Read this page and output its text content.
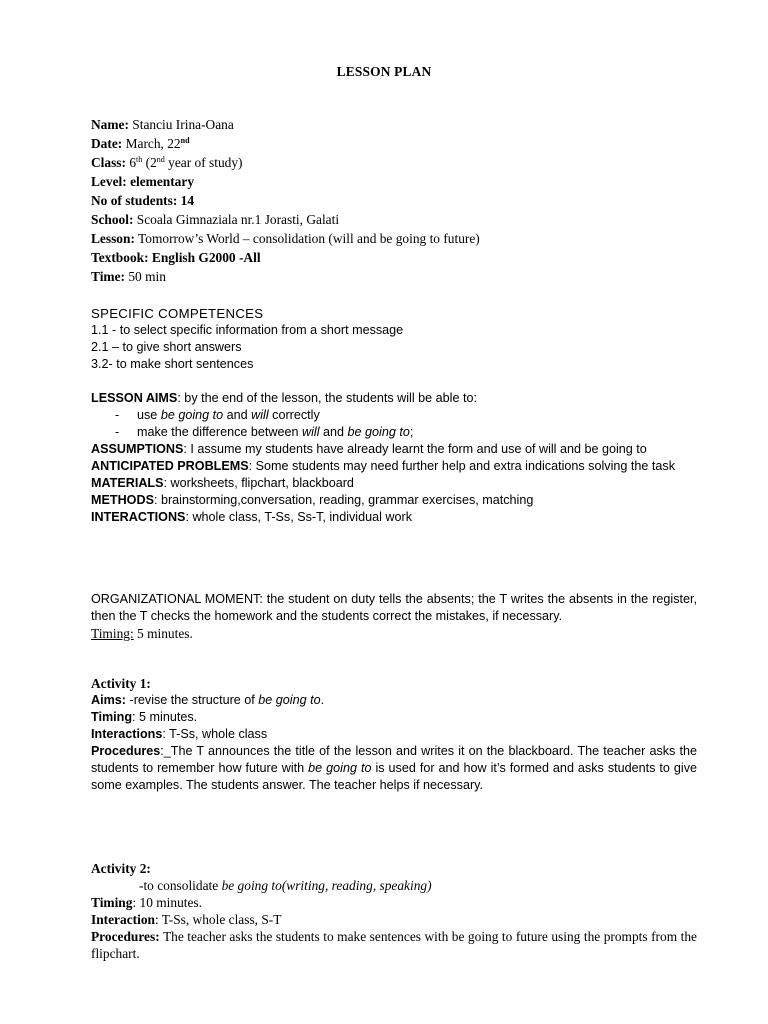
LESSON PLAN
Name: Stanciu Irina-Oana
Date: March, 22nd
Class: 6th (2nd year of study)
Level: elementary
No of students: 14
School: Scoala Gimnaziala nr.1 Jorasti, Galati
Lesson: Tomorrow’s World – consolidation (will and be going to future)
Textbook: English G2000 -All
Time: 50 min
SPECIFIC COMPETENCES
1.1 - to select specific information from a short message
2.1 – to give short answers
3.2- to make short sentences
LESSON AIMS: by the end of the lesson, the students will be able to:
- use be going to and will correctly
- make the difference between will and be going to;
ASSUMPTIONS: I assume my students have already learnt the form and use of will and be going to
ANTICIPATED PROBLEMS: Some students may need further help and extra indications solving the task
MATERIALS: worksheets, flipchart, blackboard
METHODS: brainstorming,conversation, reading, grammar exercises, matching
INTERACTIONS: whole class, T-Ss, Ss-T, individual work
ORGANIZATIONAL MOMENT: the student on duty tells the absents; the T writes the absents in the register, then the T checks the homework and the students correct the mistakes, if necessary.
Timing: 5 minutes.
Activity 1:
Aims: -revise the structure of be going to.
Timing: 5 minutes.
Interactions: T-Ss, whole class
Procedures:_The T announces the title of the lesson and writes it on the blackboard. The teacher asks the students to remember how future with be going to is used for and how it’s formed and asks students to give some examples. The students answer. The teacher helps if necessary.
Activity 2:
-to consolidate be going to(writing, reading, speaking)
Timing: 10 minutes.
Interaction: T-Ss, whole class, S-T
Procedures: The teacher asks the students to make sentences with be going to future using the prompts from the flipchart.
